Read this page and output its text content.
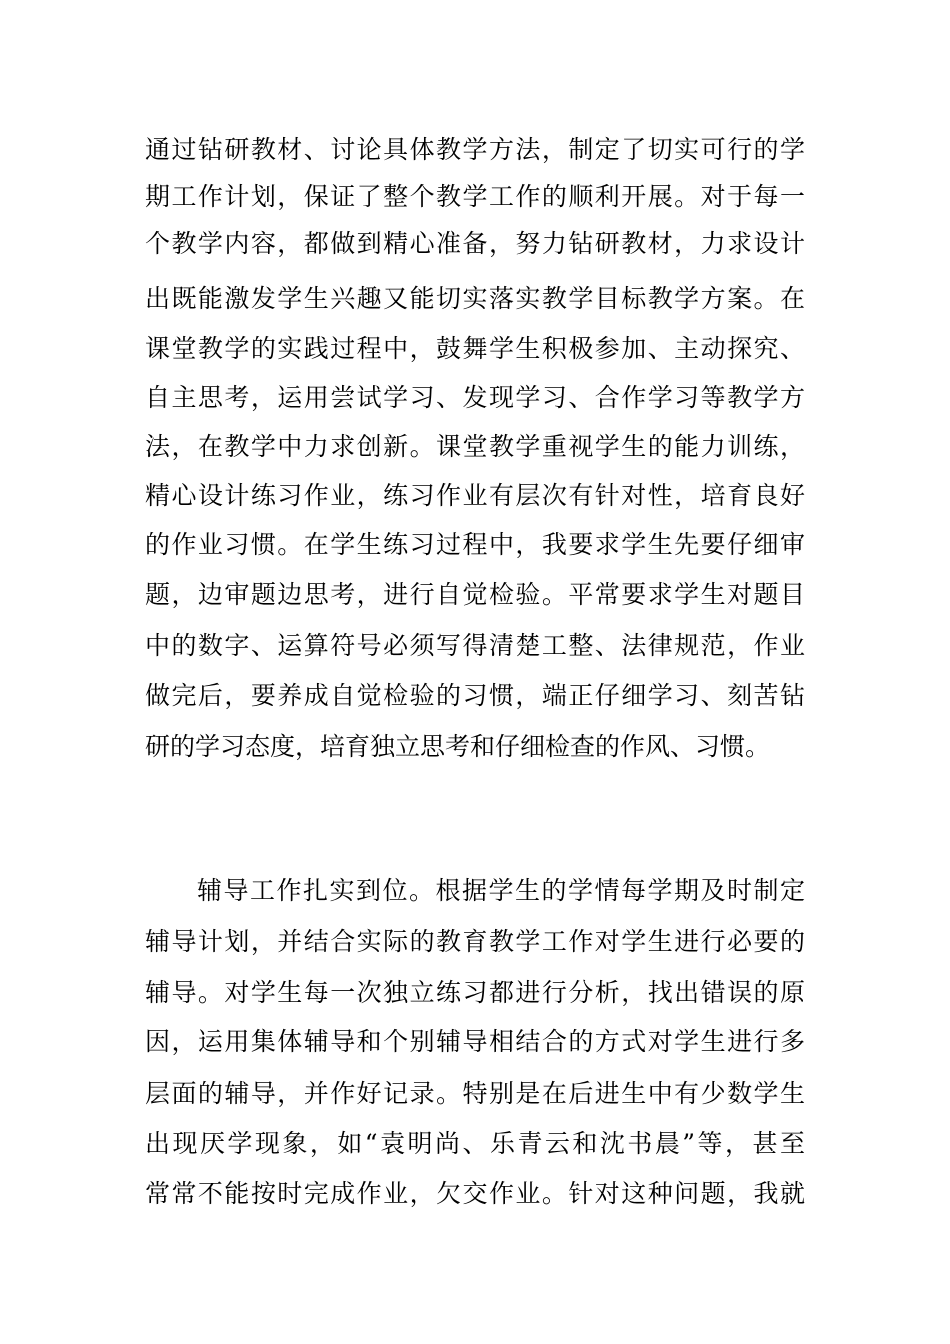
通过钻研教材、讨论具体教学方法，制定了切实可行的学
期工作计划，保证了整个教学工作的顺利开展。对于每一
个教学内容，都做到精心准备，努力钻研教材，力求设计
出既能激发学生兴趣又能切实落实教学目标教学方案。在
课堂教学的实践过程中，鼓舞学生积极参加、主动探究、
自主思考，运用尝试学习、发现学习、合作学习等教学方
法，在教学中力求创新。课堂教学重视学生的能力训练，
精心设计练习作业，练习作业有层次有针对性，培育良好
的作业习惯。在学生练习过程中，我要求学生先要仔细审
题，边审题边思考，进行自觉检验。平常要求学生对题目
中的数字、运算符号必须写得清楚工整、法律规范，作业
做完后，要养成自觉检验的习惯，端正仔细学习、刻苦钻
研的学习态度，培育独立思考和仔细检查的作风、习惯。
辅导工作扎实到位。根据学生的学情每学期及时制定
辅导计划，并结合实际的教育教学工作对学生进行必要的
辅导。对学生每一次独立练习都进行分析，找出错误的原
因，运用集体辅导和个别辅导相结合的方式对学生进行多
层面的辅导，并作好记录。特别是在后进生中有少数学生
出现厌学现象，如“袁明尚、乐青云和沈书晨”等，甚至
常常不能按时完成作业，欠交作业。针对这种问题，我就
